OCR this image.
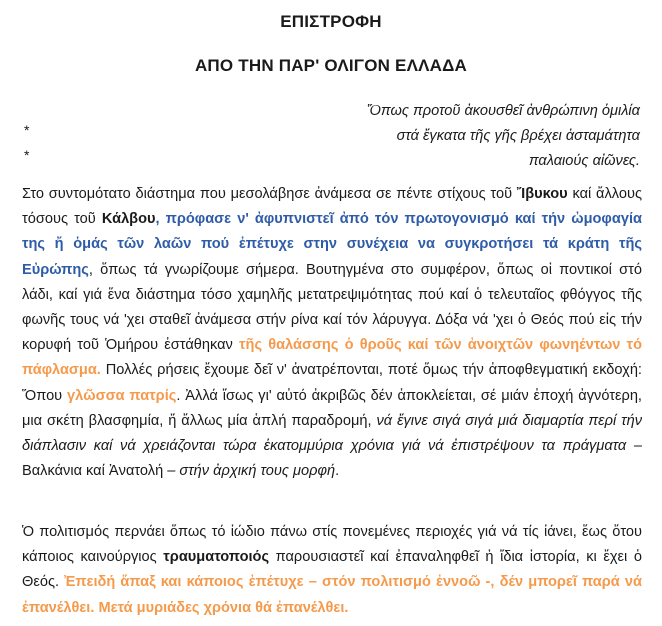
ΕΠΙΣΤΡΟΦΗ
ΑΠΟ ΤΗΝ ΠΑΡ' ΟΛΙΓΟΝ ΕΛΛΑΔΑ
Ὅπως προτοῦ ἀκουσθεῖ ἀνθρώπινη ὁμιλία
στά ἔγκατα τῆς γῆς βρέχει ἀσταμάτητα
παλαιούς αἰῶνες.
*
*

Στο συντομότατο διάστημα που μεσολάβησε ἀνάμεσα σε πέντε στίχους τοῦ Ἴβυκου καί ἄλλους τόσους τοῦ Κάλβου, πρόφασε ν' ἀφυπνιστεῖ ἀπό τόν πρωτογονισμό καί τήν ὠμοφαγία της ἤ ὁμάς τῶν λαῶν πού ἐπέτυχε στην συνέχεια να συγκροτήσει τά κράτη τῆς Εὐρώπης, ὅπως τά γνωρίζουμε σήμερα. Βουτηγμένα στο συμφέρον, ὅπως οἱ ποντικοί στό λάδι, καί γιά ἕνα διάστημα τόσο χαμηλῆς μετατρεψιμότητας πού καί ὁ τελευταῖος φθόγγος τῆς φωνῆς τους νά 'χει σταθεῖ ἀνάμεσα στήν ρίνα καί τόν λάρυγγα. Δόξα νά 'χει ὁ Θεός πού εἰς τήν κορυφή τοῦ Ὁμήρου ἐστάθηκαν τῆς θαλάσσης ὁ θροῦς καί τῶν ἀνοιχτῶν φωνηέντων τό πάφλασμα. Πολλές ρήσεις ἔχουμε δεῖ ν' ἀνατρέπονται, ποτέ ὅμως τήν ἀποφθεγματική εκδοχή: Ὅπου γλῶσσα πατρίς. Ἀλλά ἴσως γι' αὐτό ἀκριβῶς δέν ἀποκλείεται, σέ μιάν ἐποχή ἀγνότερη, μια σκέτη βλασφημία, ἤ ἄλλως μία ἁπλή παραδρομή, νά ἔγινε σιγά σιγά μιά διαμαρτία περί τήν διάπλασιν καί νά χρειάζονται τώρα ἑκατομμύρια χρόνια γιά νά ἐπιστρέψουν τα πράγματα – Βαλκάνια καί Ἀνατολή – στήν ἀρχική τους μορφή.

Ὁ πολιτισμός περνάει ὅπως τό ἰώδιο πάνω στίς πονεμένες περιοχές γιά νά τίς ἰάνει, ἕως ὅτου κάποιος καινούργιος τραυματοποιός παρουσιαστεῖ καί ἐπαναληφθεῖ ἡ ἴδια ἱστορία, κι ἔχει ὁ Θεός. Ἐπειδή ἅπαξ και κάποιος ἐπέτυχε – στόν πολιτισμό ἐννοῶ -, δέν μπορεῖ παρά νά ἐπανέλθει. Μετά μυριάδες χρόνια θά ἐπανέλθει.
